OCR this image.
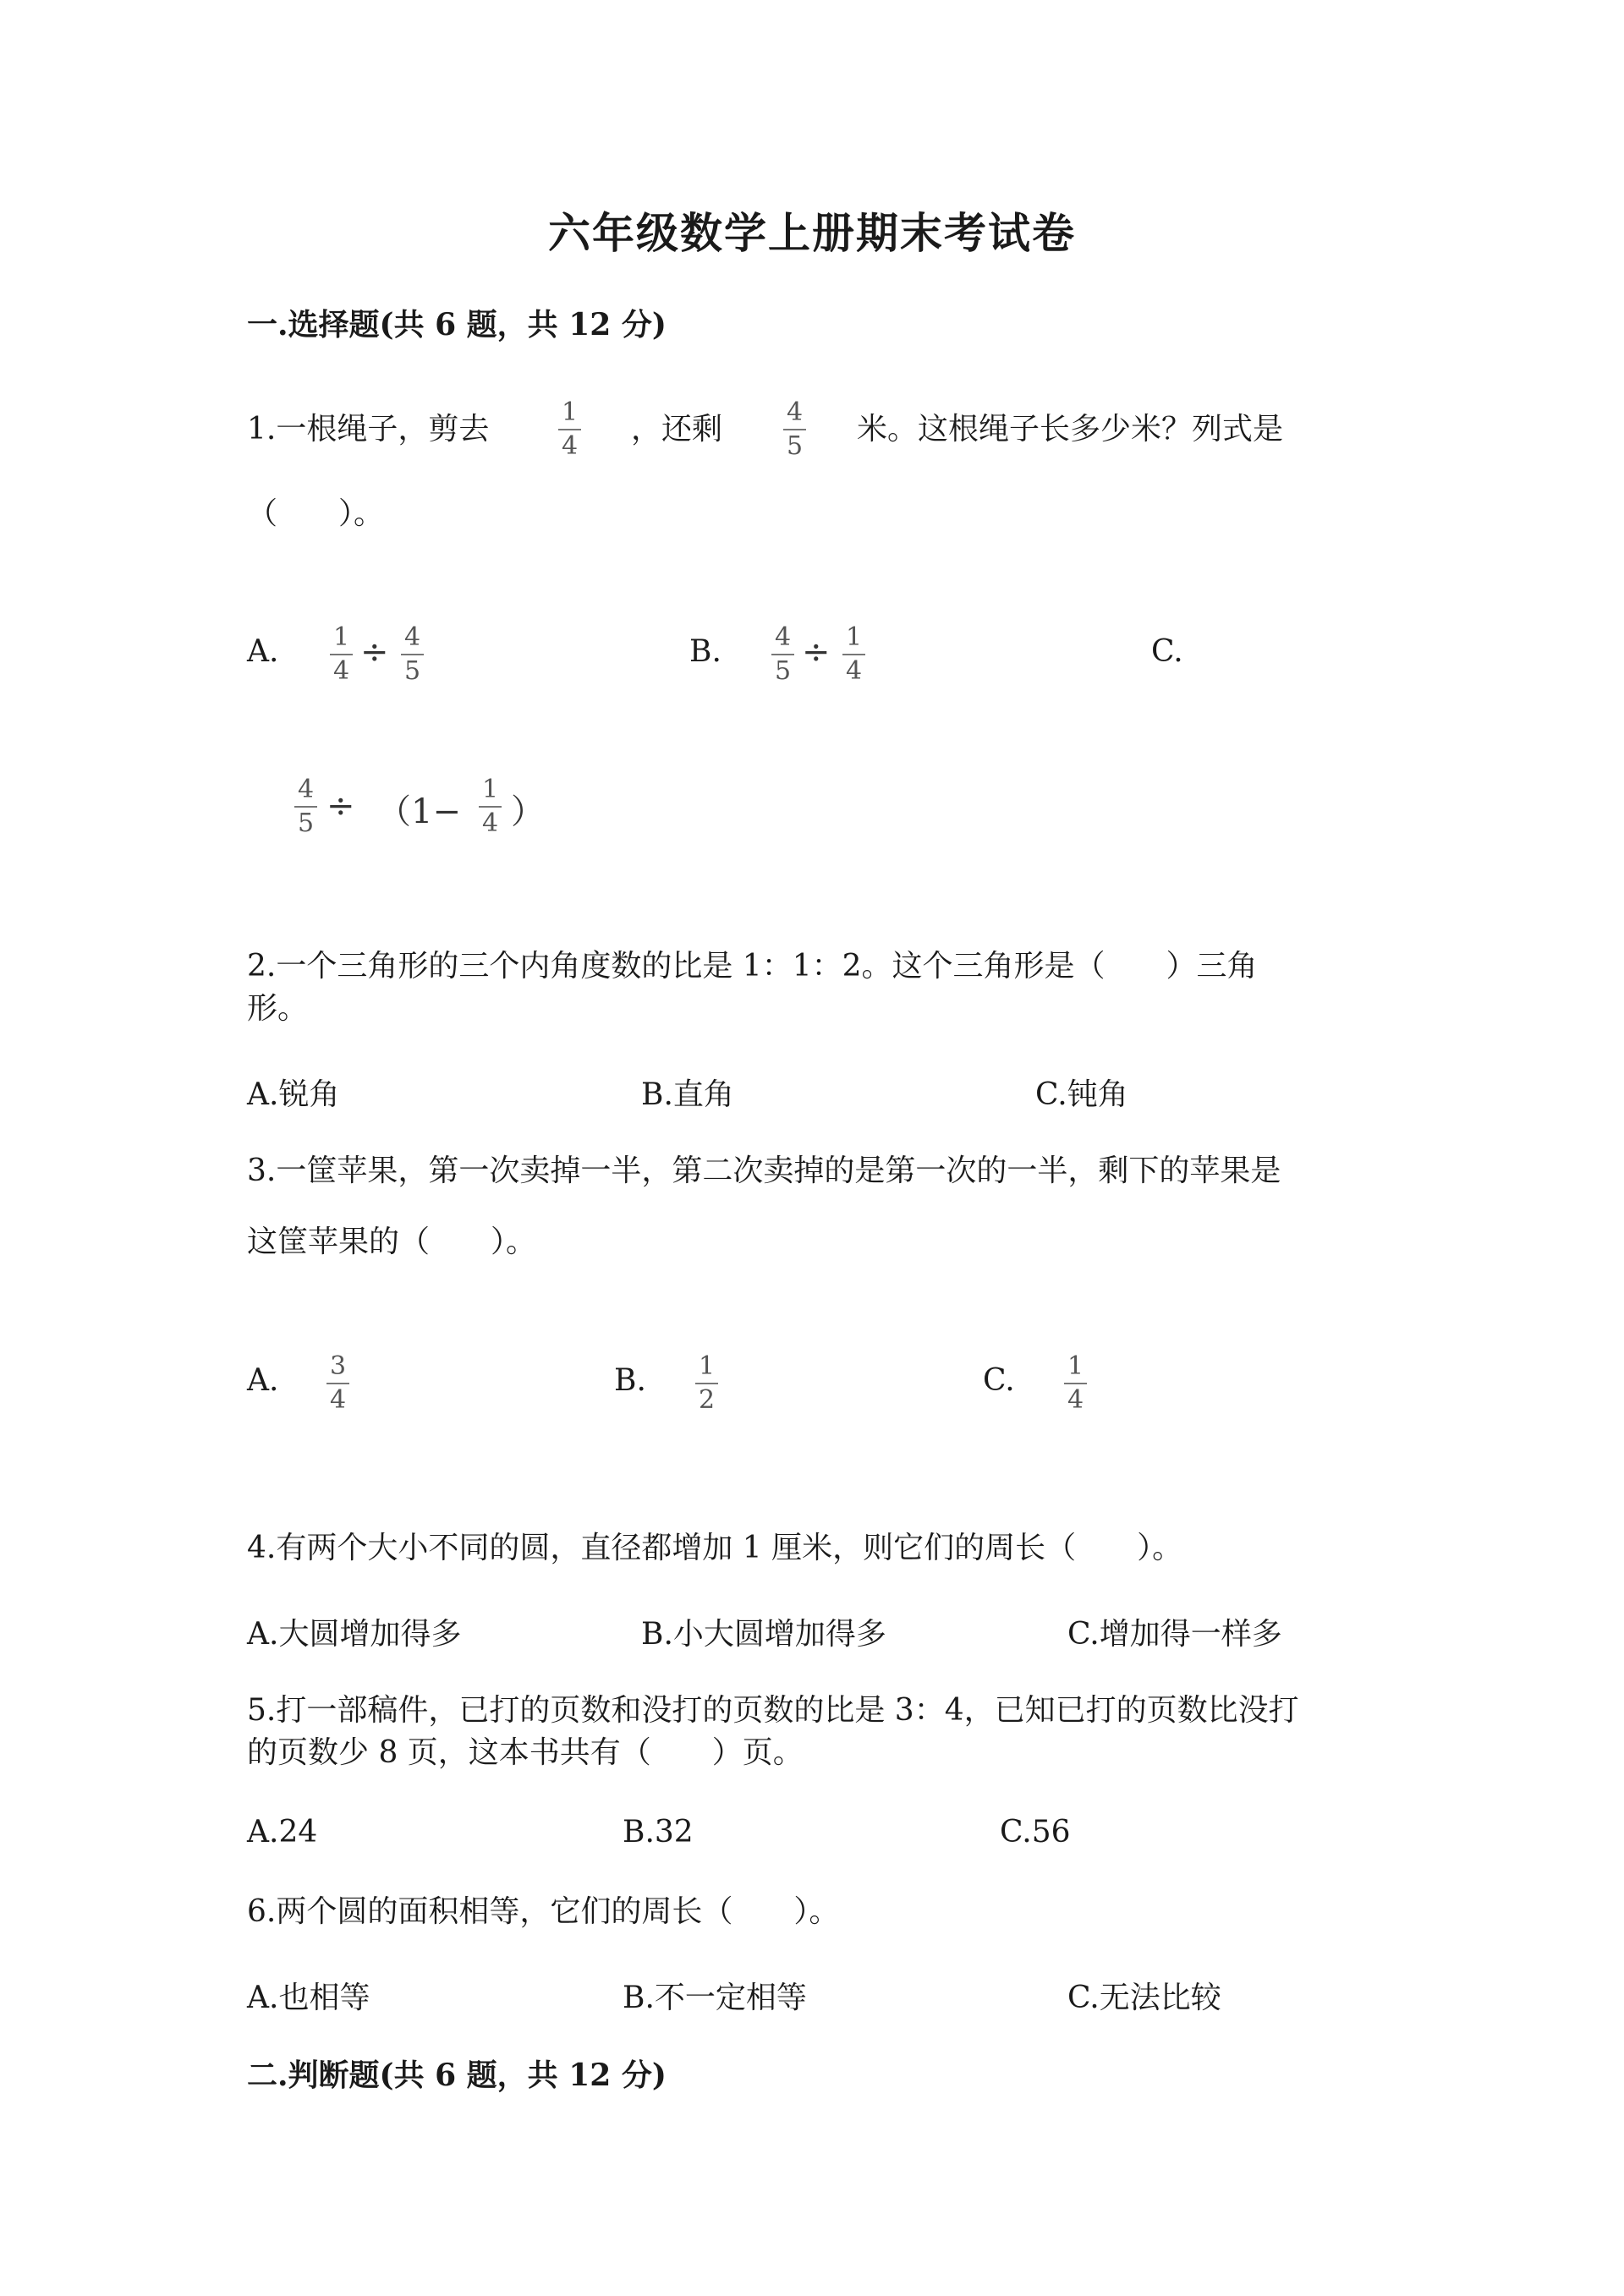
六年级数学上册期末考试卷
一.选择题(共 6 题，共 12 分)
1.一根绳子，剪去	$\frac{1}{4}$ ，还剩 $\frac{4}{5}$ 米。这根绳子长多少米？列式是
（　　）。
A. $\frac{1}{4} \div \frac{4}{5}$	B. $\frac{4}{5} \div \frac{1}{4}$	C.
$\frac{4}{5} \div (1- \frac{1}{4}$ ）
2.一个三角形的三个内角度数的比是 1：1：2。这个三角形是（　　）三角
形。
A.锐角	B.直角	C.钝角
3.一筐苹果，第一次卖掉一半，第二次卖掉的是第一次的一半，剩下的苹果是
这筐苹果的（　　）。
A. $\frac{3}{4}$	B. $\frac{1}{2}$	C. $\frac{1}{4}$
4.有两个大小不同的圆，直径都增加 1 厘米，则它们的周长（　　）。
A.大圆增加得多	B.小大圆增加得多	C.增加得一样多
5.打一部稿件，已打的页数和没打的页数的比是 3：4，已知已打的页数比没打
的页数少 8 页，这本书共有（　　）页。
A.24	B.32	C.56
6.两个圆的面积相等，它们的周长（　　）。
A.也相等	B.不一定相等	C.无法比较
二.判断题(共 6 题，共 12 分)
